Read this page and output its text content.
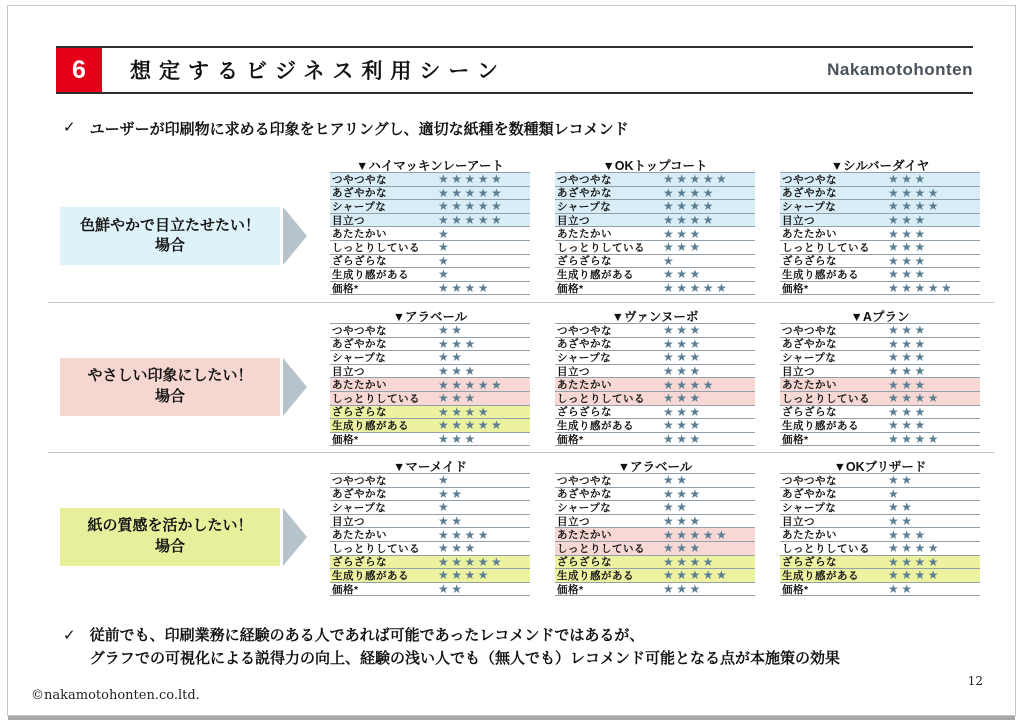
6	想定するビジネス利用シーン	Nakamotohonten
✓ ユーザーが印刷物に求める印象をヒアリングし、適切な紙種を数種類レコメンド
色鮮やかで目立たせたい！
場合
▼ハイマッキンレーアート
つやつやな	★★★★★
あざやかな	★★★★★
シャープな	★★★★★
目立つ	★★★★★
あたたかい	★
しっとりしている	★
ざらざらな	★
生成り感がある	★
価格*	★★★★
▼OKトップコート
つやつやな	★★★★★
あざやかな	★★★★
シャープな	★★★★
目立つ	★★★★
あたたかい	★★★
しっとりしている	★★★
ざらざらな	★
生成り感がある	★★★
価格*	★★★★★
▼シルバーダイヤ
つやつやな	★★★
あざやかな	★★★★
シャープな	★★★★
目立つ	★★★
あたたかい	★★★
しっとりしている	★★★
ざらざらな	★★★
生成り感がある	★★★
価格*	★★★★★
やさしい印象にしたい！
場合
▼アラベール
つやつやな	★★
あざやかな	★★★
シャープな	★★
目立つ	★★★
あたたかい	★★★★★
しっとりしている	★★★
ざらざらな	★★★★
生成り感がある	★★★★★
価格*	★★★
▼ヴァンヌーボ
つやつやな	★★★
あざやかな	★★★
シャープな	★★★
目立つ	★★★
あたたかい	★★★★
しっとりしている	★★★
ざらざらな	★★★
生成り感がある	★★★
価格*	★★★
▼Aプラン
つやつやな	★★★
あざやかな	★★★
シャープな	★★★
目立つ	★★★
あたたかい	★★★
しっとりしている	★★★★
ざらざらな	★★★
生成り感がある	★★★
価格*	★★★★
紙の質感を活かしたい！
場合
▼マーメイド
つやつやな	★
あざやかな	★★
シャープな	★
目立つ	★★
あたたかい	★★★★
しっとりしている	★★★
ざらざらな	★★★★★
生成り感がある	★★★★
価格*	★★
▼アラベール
つやつやな	★★
あざやかな	★★★
シャープな	★★
目立つ	★★★
あたたかい	★★★★★
しっとりしている	★★★
ざらざらな	★★★★
生成り感がある	★★★★★
価格*	★★★
▼OKブリザード
つやつやな	★★
あざやかな	★
シャープな	★★
目立つ	★★
あたたかい	★★★
しっとりしている	★★★★
ざらざらな	★★★★
生成り感がある	★★★★
価格*	★★
✓ 従前でも、印刷業務に経験のある人であれば可能であったレコメンドではあるが、
グラフでの可視化による説得力の向上、経験の浅い人でも（無人でも）レコメンド可能となる点が本施策の効果
©nakamotohonten.co.ltd.
12
